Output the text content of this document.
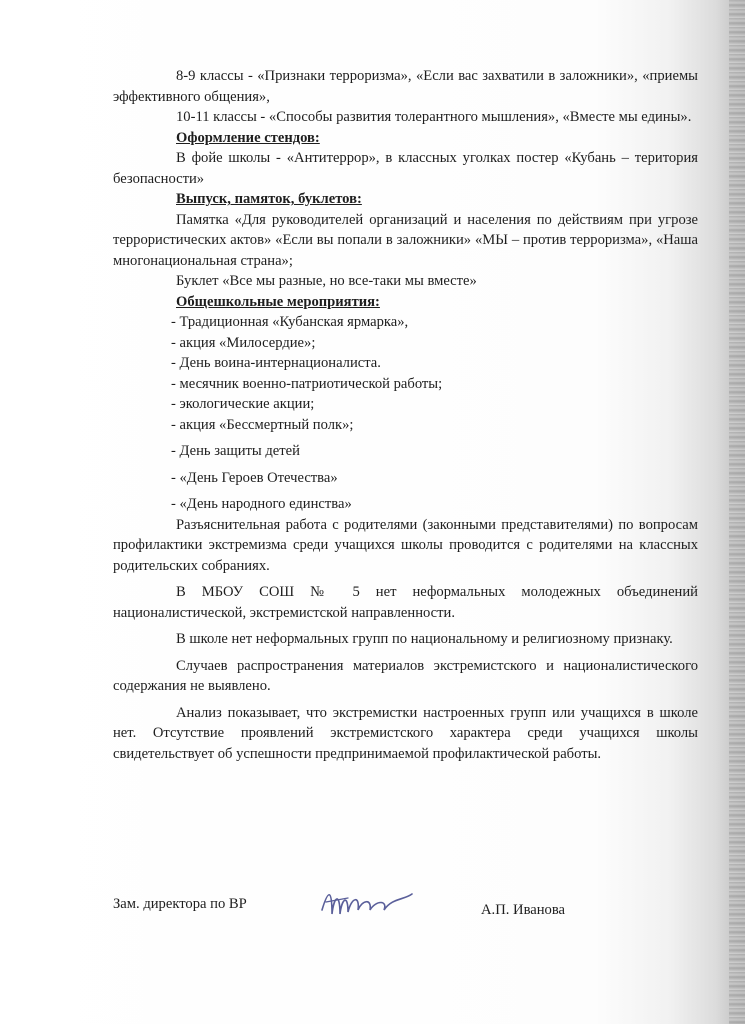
8-9 классы - «Признаки терроризма», «Если вас захватили в заложники», «приемы эффективного общения»,

10-11 классы - «Способы развития толерантного мышления», «Вместе мы едины».

Оформление стендов:

В фойе школы - «Антитеррор», в классных уголках постер «Кубань – територия безопасности»

Выпуск, памяток, буклетов:

Памятка «Для руководителей организаций и населения по действиям при угрозе террористических актов» «Если вы попали в заложники» «МЫ – против терроризма», «Наша многонациональная страна»;

Буклет «Все мы разные, но все-таки мы вместе»

Общешкольные мероприятия:

- Традиционная «Кубанская ярмарка»,

- акция «Милосердие»;

- День воина-интернационалиста.

- месячник военно-патриотической работы;

- экологические акции;

- акция «Бессмертный полк»;

- День защиты детей

- «День Героев Отечества»

- «День народного единства»

Разъяснительная работа с родителями (законными представителями) по вопросам профилактики экстремизма среди учащихся школы проводится с родителями на классных родительских собраниях.

В МБОУ СОШ № 5 нет неформальных молодежных объединений националистической, экстремистской направленности.

В школе нет неформальных групп по национальному и религиозному признаку.

Случаев распространения материалов экстремистского и националистического содержания не выявлено.

Анализ показывает, что экстремистки настроенных групп или учащихся в школе нет. Отсутствие проявлений экстремистского характера среди учащихся школы свидетельствует об успешности предпринимаемой профилактической работы.

Зам. директора по ВР	А.П. Иванова
